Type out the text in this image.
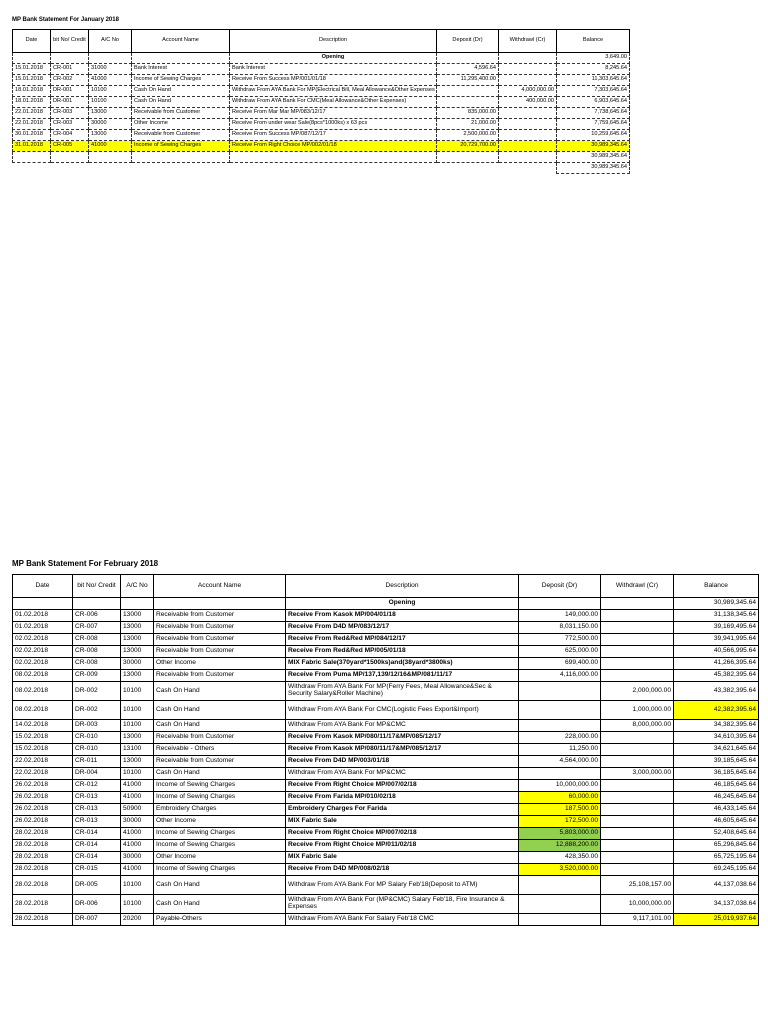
MP Bank Statement For January 2018
Date	bit No/ Credit	A/C No	Account Name	Description	Deposit (Dr)	Withdrawl (Cr)	Balance
				Opening			3,649.00
15.01.2018	CR-001	31000	Bank Interest	Bank Interest	4,596.64		8,245.64
15.01.2018	CR-002	41000	Income of Sewing Charges	Receive From Success MP/001/01/18	11,295,400.00		11,303,645.64
18.01.2018	DR-001	10100	Cash On Hand	Withdraw From AYA Bank For MP(Electrical Bill, Meal Allowance&Other Expenses		4,000,000.00	7,303,645.64
18.01.2018	DR-001	10100	Cash On Hand	Withdraw From AYA Bank For CMC(Meal Allowance&Other Expenses)		400,000.00	6,903,645.64
22.01.2018	CR-003	13000	Receivable from Customer	Receive From Mar Mar MP/083/12/17	835,000.00		7,738,645.64
22.01.2018	CR-003	30000	Other Income	Receive From under wear Sale(8pcs*1000ks) x 63 pcs	21,000.00		7,759,645.64
30.01.2018	CR-004	13000	Receivable from Customer	Receive From Success MP/087/12/17	2,500,000.00		10,259,645.64
31.01.2018	CR-005	41000	Income of Sewing Charges	Receive From Right Choice MP/002/01/18	20,729,700.00		30,989,345.64
							30,989,345.64
							30,989,345.64
MP Bank Statement For February 2018
Date	bit No/ Credit	A/C No	Account Name	Description	Deposit (Dr)	Withdrawl (Cr)	Balance
				Opening			30,989,345.64
01.02.2018	CR-006	13000	Receivable from Customer	Receive From Kasok MP/004/01/18	149,000.00		31,138,345.64
01.02.2018	CR-007	13000	Receivable from Customer	Receive From D4D MP/083/12/17	8,031,150.00		39,169,495.64
02.02.2018	CR-008	13000	Receivable from Customer	Receive From Red&Red MP/084/12/17	772,500.00		39,941,995.64
02.02.2018	CR-008	13000	Receivable from Customer	Receive From Red&Red MP/005/01/18	625,000.00		40,566,995.64
02.02.2018	CR-008	30000	Other Income	MIX Fabric Sale(370yard*1500ks)and(38yard*3800ks)	699,400.00		41,266,395.64
08.02.2018	CR-009	13000	Receivable from Customer	Receive From Puma MP/137,139/12/16&MP/081/11/17	4,116,000.00		45,382,395.64
08.02.2018	DR-002	10100	Cash On Hand	Withdraw From AYA Bank For MP(Ferry Fees, Meal Allowance&Sec & Security Salary&Roller Machine)		2,000,000.00	43,382,395.64
08.02.2018	DR-002	10100	Cash On Hand	Withdraw From AYA Bank For CMC(Logistic Fees Export&Import)		1,000,000.00	42,382,395.64
14.02.2018	DR-003	10100	Cash On Hand	Withdraw From AYA Bank For MP&CMC		8,000,000.00	34,382,395.64
15.02.2018	CR-010	13000	Receivable from Customer	Receive From Kasok MP/080/11/17&MP/085/12/17	228,000.00		34,610,395.64
15.02.2018	CR-010	13100	Receivable - Others	Receive From Kasok MP/080/11/17&MP/085/12/17	11,250.00		34,621,645.64
22.02.2018	CR-011	13000	Receivable from Customer	Receive From D4D MP/003/01/18	4,564,000.00		39,185,645.64
22.02.2018	DR-004	10100	Cash On Hand	Withdraw From AYA Bank For MP&CMC		3,000,000.00	36,185,645.64
26.02.2018	CR-012	41000	Income of Sewing Charges	Receive From Right Choice MP/007/02/18	10,000,000.00		46,185,645.64
26.02.2018	CR-013	41000	Income of Sewing Charges	Receive From Farida MP/010/02/18	60,000.00		46,245,645.64
26.02.2018	CR-013	50900	Embroidery Charges	Embroidery Charges For Farida	187,500.00		46,433,145.64
26.02.2018	CR-013	30000	Other Income	MIX Fabric Sale	172,500.00		46,605,645.64
28.02.2018	CR-014	41000	Income of Sewing Charges	Receive From Right Choice MP/007/02/18	5,803,000.00		52,408,645.64
28.02.2018	CR-014	41000	Income of Sewing Charges	Receive From Right Choice MP/011/02/18	12,888,200.00		65,296,845.64
28.02.2018	CR-014	30000	Other Income	MIX Fabric Sale	428,350.00		65,725,195.64
28.02.2018	CR-015	41000	Income of Sewing Charges	Receive From D4D MP/008/02/18	3,520,000.00		69,245,195.64
28.02.2018	DR-005	10100	Cash On Hand	Withdraw From AYA Bank For MP Salary Feb'18(Deposit to ATM)		25,108,157.00	44,137,038.64
28.02.2018	DR-006	10100	Cash On Hand	Withdraw From AYA Bank For (MP&CMC) Salary Feb'18, Fire Insurance & Expenses		10,000,000.00	34,137,038.64
28.02.2018	DR-007	20200	Payable-Others	Withdraw From AYA Bank For Salary Feb'18 CMC		9,117,101.00	25,019,937.64
